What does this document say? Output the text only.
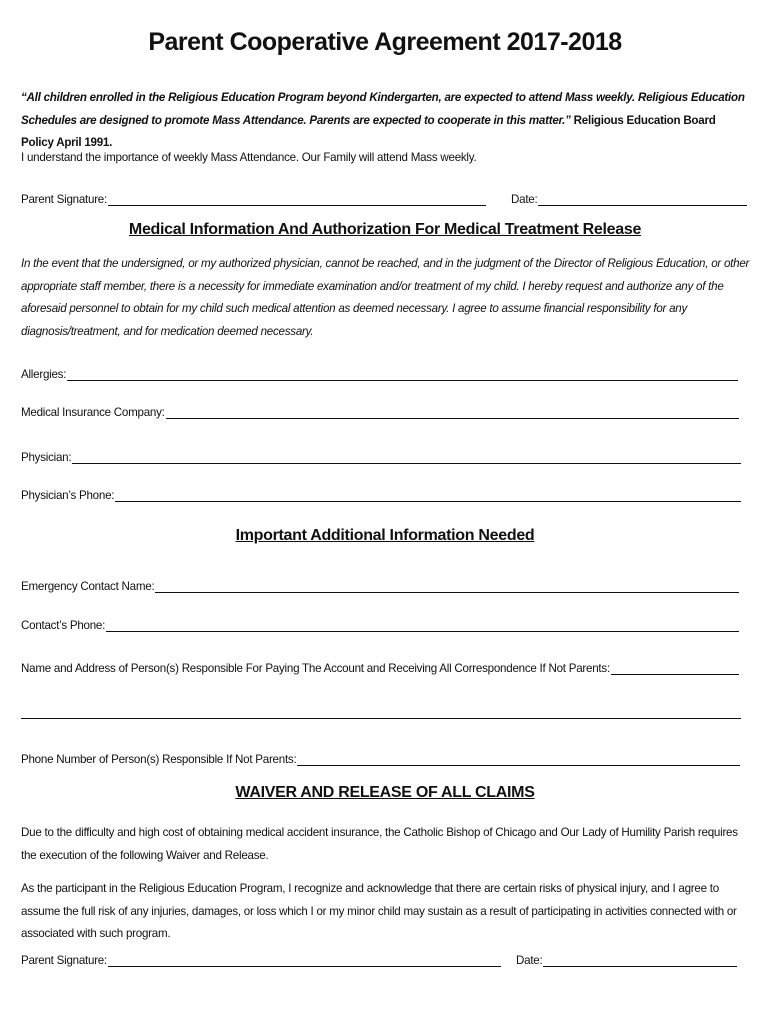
Parent Cooperative Agreement 2017-2018

“All children enrolled in the Religious Education Program beyond Kindergarten, are expected to attend Mass weekly. Religious Education Schedules are designed to promote Mass Attendance. Parents are expected to cooperate in this matter.” Religious Education Board Policy April 1991.

I understand the importance of weekly Mass Attendance. Our Family will attend Mass weekly.

Parent Signature:	Date:
Medical Information And Authorization For Medical Treatment Release

In the event that the undersigned, or my authorized physician, cannot be reached, and in the judgment of the Director of Religious Education, or other appropriate staff member, there is a necessity for immediate examination and/or treatment of my child. I hereby request and authorize any of the aforesaid personnel to obtain for my child such medical attention as deemed necessary. I agree to assume financial responsibility for any diagnosis/treatment, and for medication deemed necessary.

Allergies:
Medical Insurance Company:
Physician:
Physician’s Phone:
Important Additional Information Needed
Emergency Contact Name:
Contact’s Phone:
Name and Address of Person(s) Responsible For Paying The Account and Receiving All Correspondence If Not Parents:
Phone Number of Person(s) Responsible If Not Parents:
WAIVER AND RELEASE OF ALL CLAIMS

Due to the difficulty and high cost of obtaining medical accident insurance, the Catholic Bishop of Chicago and Our Lady of Humility Parish requires the execution of the following Waiver and Release.

As the participant in the Religious Education Program, I recognize and acknowledge that there are certain risks of physical injury, and I agree to assume the full risk of any injuries, damages, or loss which I or my minor child may sustain as a result of participating in activities connected with or associated with such program.

Parent Signature:	Date:
